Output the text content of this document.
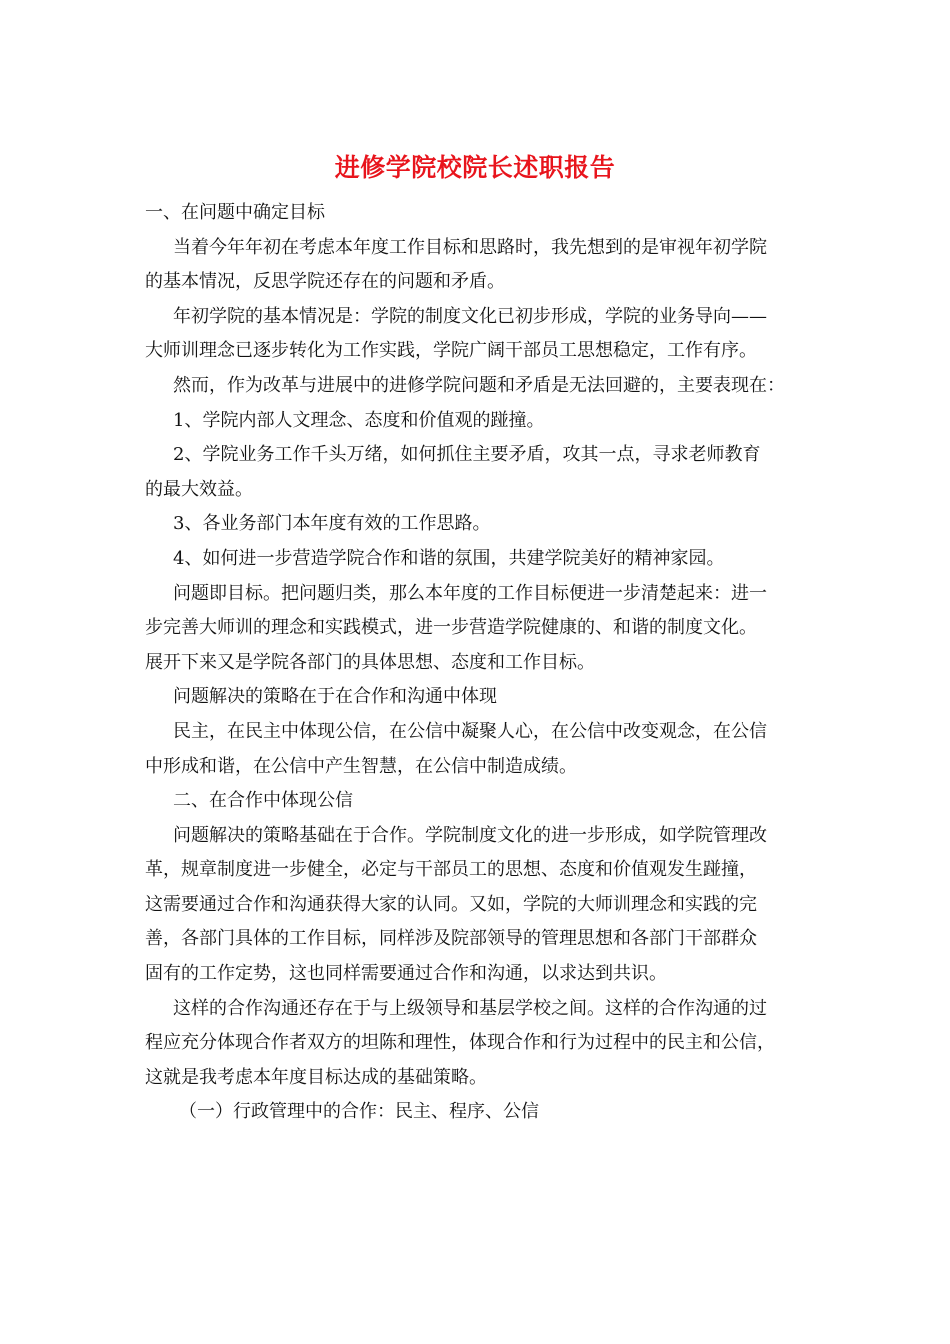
进修学院校院长述职报告
一、在问题中确定目标
当着今年年初在考虑本年度工作目标和思路时，我先想到的是审视年初学院
的基本情况，反思学院还存在的问题和矛盾。
年初学院的基本情况是：学院的制度文化已初步形成，学院的业务导向——
大师训理念已逐步转化为工作实践，学院广阔干部员工思想稳定，工作有序。
然而，作为改革与进展中的进修学院问题和矛盾是无法回避的，主要表现在：
1、学院内部人文理念、态度和价值观的踫撞。
2、学院业务工作千头万绪，如何抓住主要矛盾，攻其一点，寻求老师教育
的最大效益。
3、各业务部门本年度有效的工作思路。
4、如何进一步营造学院合作和谐的氛围，共建学院美好的精神家园。
问题即目标。把问题归类，那么本年度的工作目标便进一步清楚起来：进一
步完善大师训的理念和实践模式，进一步营造学院健康的、和谐的制度文化。
展开下来又是学院各部门的具体思想、态度和工作目标。
问题解决的策略在于在合作和沟通中体现
民主，在民主中体现公信，在公信中凝聚人心，在公信中改变观念，在公信
中形成和谐，在公信中产生智慧，在公信中制造成绩。
二、在合作中体现公信
问题解决的策略基础在于合作。学院制度文化的进一步形成，如学院管理改
革，规章制度进一步健全，必定与干部员工的思想、态度和价值观发生踫撞，
这需要通过合作和沟通获得大家的认同。又如，学院的大师训理念和实践的完
善，各部门具体的工作目标，同样涉及院部领导的管理思想和各部门干部群众
固有的工作定势，这也同样需要通过合作和沟通，以求达到共识。
这样的合作沟通还存在于与上级领导和基层学校之间。这样的合作沟通的过
程应充分体现合作者双方的坦陈和理性，体现合作和行为过程中的民主和公信，
这就是我考虑本年度目标达成的基础策略。
（一）行政管理中的合作：民主、程序、公信
